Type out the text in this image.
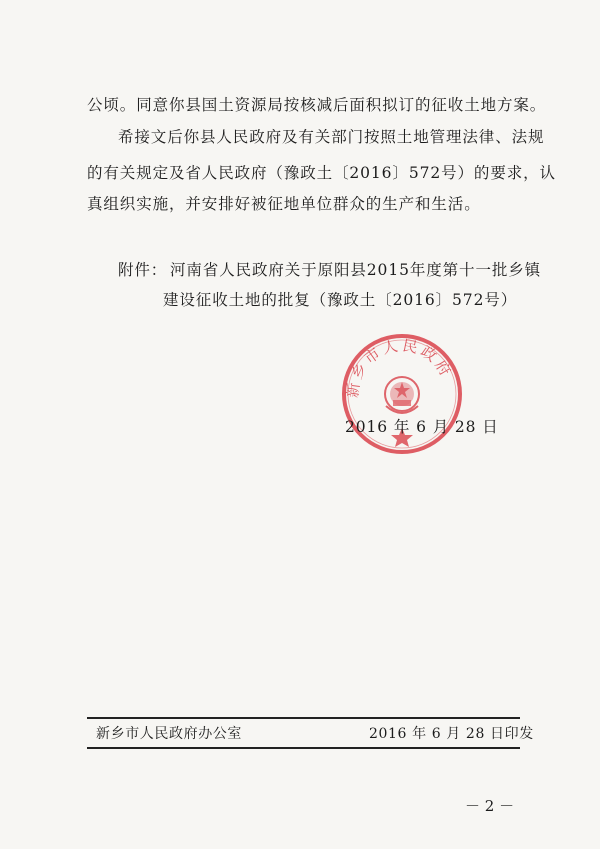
公顷。同意你县国土资源局按核减后面积拟订的征收土地方案。
希接文后你县人民政府及有关部门按照土地管理法律、法规
的有关规定及省人民政府（豫政土〔2016〕572号）的要求，认
真组织实施，并安排好被征地单位群众的生产和生活。
附件： 河南省人民政府关于原阳县2015年度第十一批乡镇
建设征收土地的批复（豫政土〔2016〕572号）
新乡市人民政府
2016 年 6 月 28 日
新乡市人民政府办公室	2016 年 6 月 28 日印发
－ 2 －
